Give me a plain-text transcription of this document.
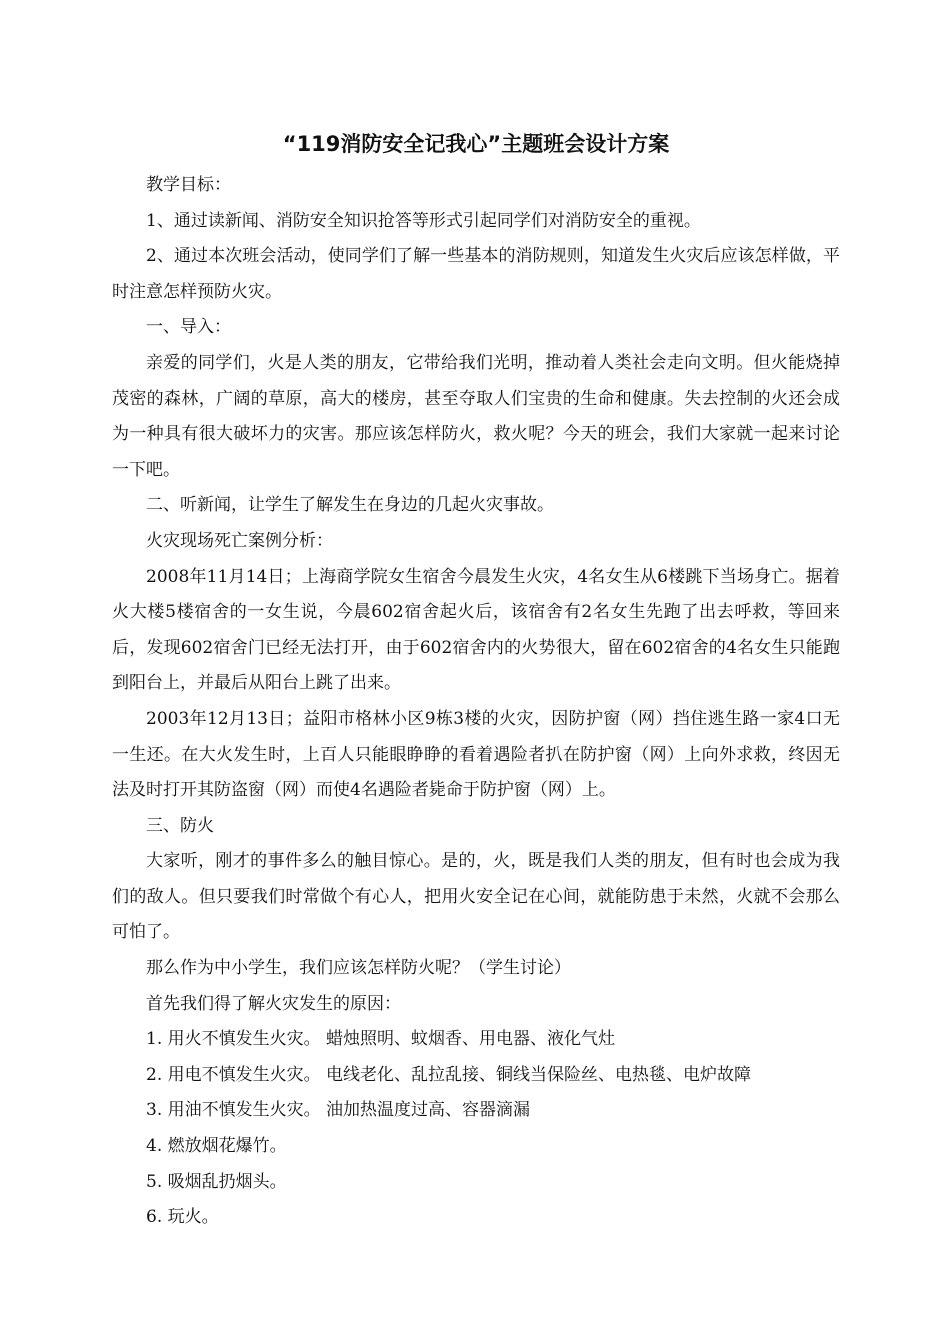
“119消防安全记我心”主题班会设计方案

教学目标：

1、通过读新闻、消防安全知识抢答等形式引起同学们对消防安全的重视。

2、通过本次班会活动，使同学们了解一些基本的消防规则，知道发生火灾后应该怎样做，平时注意怎样预防火灾。

一、导入：

亲爱的同学们，火是人类的朋友，它带给我们光明，推动着人类社会走向文明。但火能烧掉茂密的森林，广阔的草原，高大的楼房，甚至夺取人们宝贵的生命和健康。失去控制的火还会成为一种具有很大破坏力的灾害。那应该怎样防火，救火呢？今天的班会，我们大家就一起来讨论一下吧。

二、听新闻，让学生了解发生在身边的几起火灾事故。

火灾现场死亡案例分析：

2008年11月14日；上海商学院女生宿舍今晨发生火灾，4名女生从6楼跳下当场身亡。据着火大楼5楼宿舍的一女生说，今晨602宿舍起火后，该宿舍有2名女生先跑了出去呼救，等回来后，发现602宿舍门已经无法打开，由于602宿舍内的火势很大，留在602宿舍的4名女生只能跑到阳台上，并最后从阳台上跳了出来。

2003年12月13日；益阳市格林小区9栋3楼的火灾，因防护窗（网）挡住逃生路一家4口无一生还。在大火发生时，上百人只能眼睁睁的看着遇险者扒在防护窗（网）上向外求救，终因无法及时打开其防盗窗（网）而使4名遇险者毙命于防护窗（网）上。

三、防火

大家听，刚才的事件多么的触目惊心。是的，火，既是我们人类的朋友，但有时也会成为我们的敌人。但只要我们时常做个有心人，把用火安全记在心间，就能防患于未然，火就不会那么可怕了。

那么作为中小学生，我们应该怎样防火呢？（学生讨论）

首先我们得了解火灾发生的原因：

1. 用火不慎发生火灾。 蜡烛照明、蚊烟香、用电器、液化气灶

2. 用电不慎发生火灾。 电线老化、乱拉乱接、铜线当保险丝、电热毯、电炉故障

3. 用油不慎发生火灾。 油加热温度过高、容器滴漏

4. 燃放烟花爆竹。

5. 吸烟乱扔烟头。

6. 玩火。
